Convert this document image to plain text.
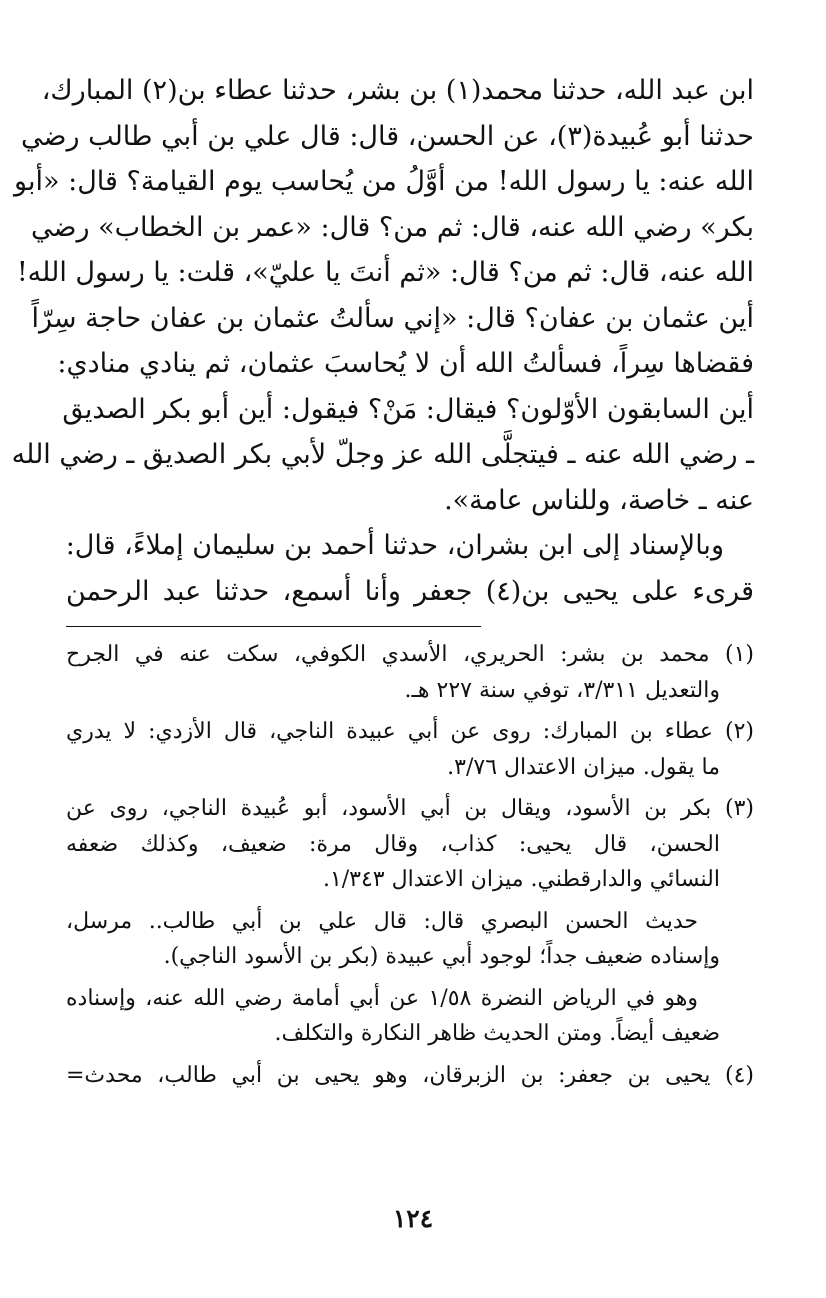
ابن عبد الله، حدثنا محمد(١) بن بشر، حدثنا عطاء بن(٢) المبارك،
حدثنا أبو عُبيدة(٣)، عن الحسن، قال: قال علي بن أبي طالب رضي
الله عنه: يا رسول الله! من أوَّلُ من يُحاسب يوم القيامة؟ قال: «أبو
بكر» رضي الله عنه، قال: ثم من؟ قال: «عمر بن الخطاب» رضي
الله عنه، قال: ثم من؟ قال: «ثم أنتَ يا عليّ»، قلت: يا رسول الله!
أين عثمان بن عفان؟ قال: «إني سألتُ عثمان بن عفان حاجة سِرّاً
فقضاها سِراً، فسألتُ الله أن لا يُحاسبَ عثمان، ثم ينادي منادي:
أين السابقون الأوّلون؟ فيقال: مَنْ؟ فيقول: أين أبو بكر الصديق
ـ رضي الله عنه ـ فيتجلَّى الله عز وجلّ لأبي بكر الصديق ـ رضي الله
عنه ـ خاصة، وللناس عامة».
وبالإسناد إلى ابن بشران، حدثنا أحمد بن سليمان إملاءً، قال:
قرىء على يحيى بن(٤) جعفر وأنا أسمع، حدثنا عبد الرحمن
(١) محمد بن بشر: الحريري، الأسدي الكوفي، سكت عنه في الجرح
والتعديل ٣/٣١١، توفي سنة ٢٢٧ هـ.
(٢) عطاء بن المبارك: روى عن أبي عبيدة الناجي، قال الأزدي: لا يدري
ما يقول. ميزان الاعتدال ٣/٧٦.
(٣) بكر بن الأسود، ويقال بن أبي الأسود، أبو عُبيدة الناجي، روى عن
الحسن، قال يحيى: كذاب، وقال مرة: ضعيف، وكذلك ضعفه
النسائي والدارقطني. ميزان الاعتدال ١/٣٤٣.
حديث الحسن البصري قال: قال علي بن أبي طالب.. مرسل،
وإسناده ضعيف جداً؛ لوجود أبي عبيدة (بكر بن الأسود الناجي).
وهو في الرياض النضرة ١/٥٨ عن أبي أمامة رضي الله عنه، وإسناده
ضعيف أيضاً. ومتن الحديث ظاهر النكارة والتكلف.
(٤) يحيى بن جعفر: بن الزبرقان، وهو يحيى بن أبي طالب، محدث=
١٢٤
